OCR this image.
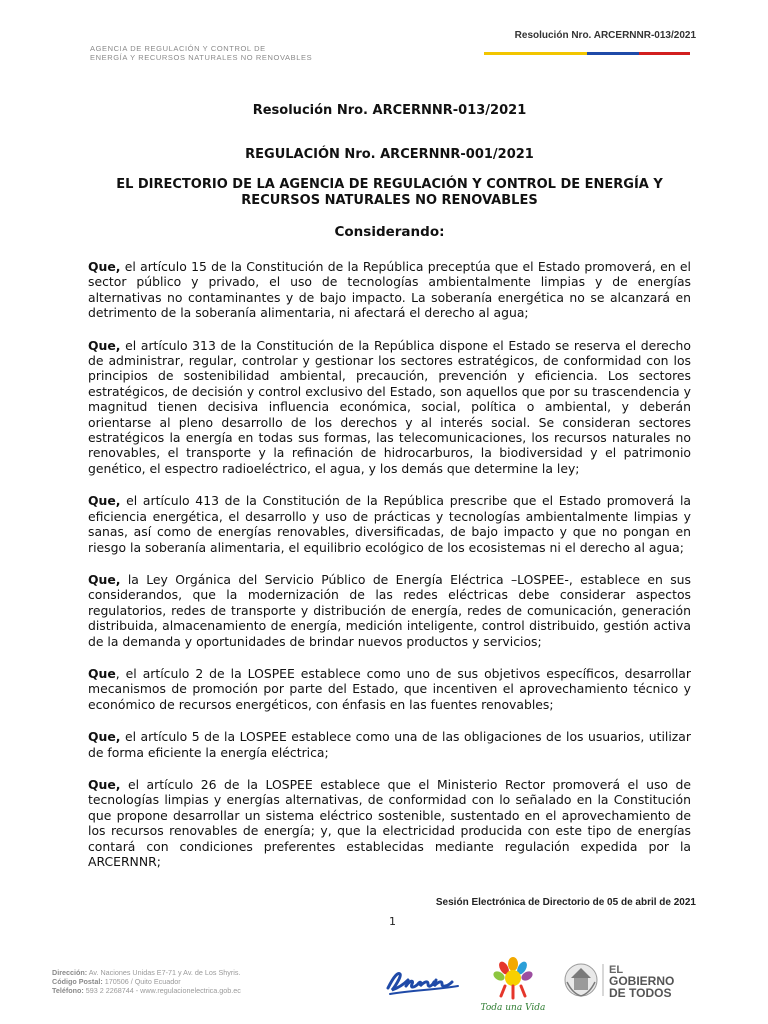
AGENCIA DE REGULACIÓN Y CONTROL DE
ENERGÍA Y RECURSOS NATURALES NO RENOVABLES
Resolución Nro. ARCERNNR-013/2021
Resolución Nro. ARCERNNR-013/2021
REGULACIÓN Nro. ARCERNNR-001/2021
EL DIRECTORIO DE LA AGENCIA DE REGULACIÓN Y CONTROL DE ENERGÍA Y RECURSOS NATURALES NO RENOVABLES
Considerando:

Que, el artículo 15 de la Constitución de la República preceptúa que el Estado promoverá, en el sector público y privado, el uso de tecnologías ambientalmente limpias y de energías alternativas no contaminantes y de bajo impacto. La soberanía energética no se alcanzará en detrimento de la soberanía alimentaria, ni afectará el derecho al agua;

Que, el artículo 313 de la Constitución de la República dispone el Estado se reserva el derecho de administrar, regular, controlar y gestionar los sectores estratégicos, de conformidad con los principios de sostenibilidad ambiental, precaución, prevención y eficiencia. Los sectores estratégicos, de decisión y control exclusivo del Estado, son aquellos que por su trascendencia y magnitud tienen decisiva influencia económica, social, política o ambiental, y deberán orientarse al pleno desarrollo de los derechos y al interés social. Se consideran sectores estratégicos la energía en todas sus formas, las telecomunicaciones, los recursos naturales no renovables, el transporte y la refinación de hidrocarburos, la biodiversidad y el patrimonio genético, el espectro radioeléctrico, el agua, y los demás que determine la ley;

Que, el artículo 413 de la Constitución de la República prescribe que el Estado promoverá la eficiencia energética, el desarrollo y uso de prácticas y tecnologías ambientalmente limpias y sanas, así como de energías renovables, diversificadas, de bajo impacto y que no pongan en riesgo la soberanía alimentaria, el equilibrio ecológico de los ecosistemas ni el derecho al agua;

Que, la Ley Orgánica del Servicio Público de Energía Eléctrica –LOSPEE-, establece en sus considerandos, que la modernización de las redes eléctricas debe considerar aspectos regulatorios, redes de transporte y distribución de energía, redes de comunicación, generación distribuida, almacenamiento de energía, medición inteligente, control distribuido, gestión activa de la demanda y oportunidades de brindar nuevos productos y servicios;

Que, el artículo 2 de la LOSPEE establece como uno de sus objetivos específicos, desarrollar mecanismos de promoción por parte del Estado, que incentiven el aprovechamiento técnico y económico de recursos energéticos, con énfasis en las fuentes renovables;

Que, el artículo 5 de la LOSPEE establece como una de las obligaciones de los usuarios, utilizar de forma eficiente la energía eléctrica;

Que, el artículo 26 de la LOSPEE establece que el Ministerio Rector promoverá el uso de tecnologías limpias y energías alternativas, de conformidad con lo señalado en la Constitución que propone desarrollar un sistema eléctrico sostenible, sustentado en el aprovechamiento de los recursos renovables de energía; y, que la electricidad producida con este tipo de energías contará con condiciones preferentes establecidas mediante regulación expedida por la ARCERNNR;

Sesión Electrónica de Directorio de 05 de abril de 2021
1
Dirección: Av. Naciones Unidas E7-71 y Av. de Los Shyris.
Código Postal: 170506 / Quito Ecuador
Teléfono: 593 2 2268744 - www.regulacionelectrica.gob.ec
Toda una Vida
EL
GOBIERNO
DE TODOS
